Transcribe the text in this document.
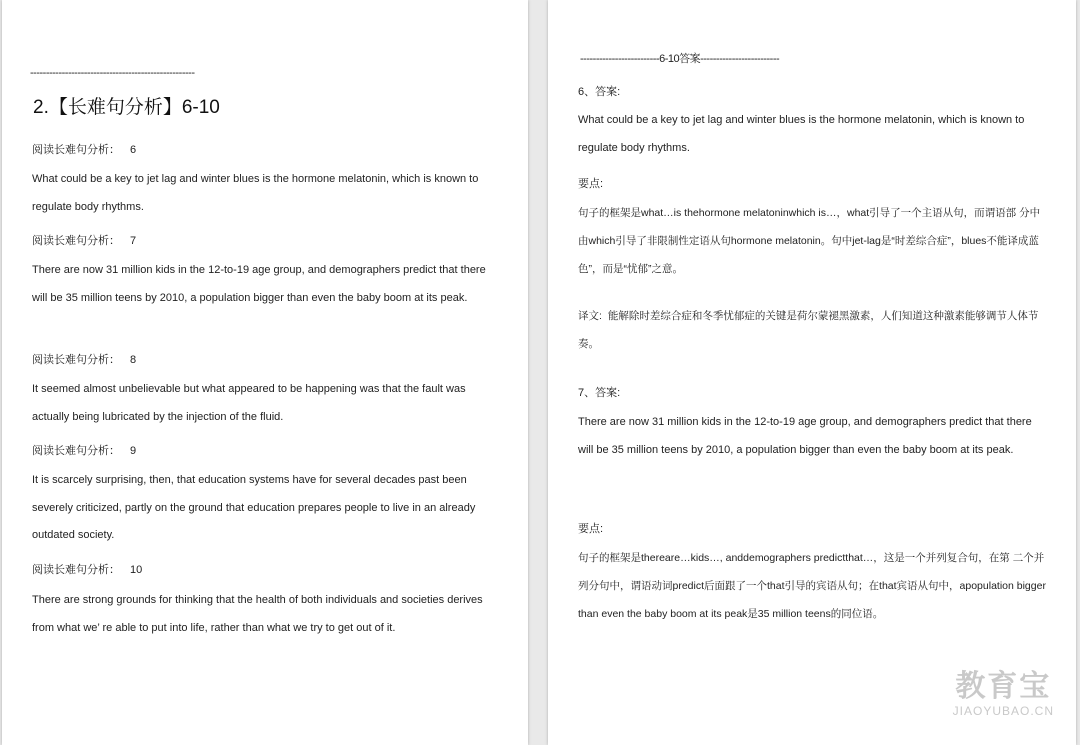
----------------------------------------------------
2.【长难句分析】6-10
阅读长难句分析： 6

What could be a key to jet lag and winter blues is the hormone melatonin, which is known to regulate body rhythms.

阅读长难句分析： 7

There are now 31 million kids in the 12-to-19 age group, and demographers predict that there will be 35 million teens by 2010, a population bigger than even the baby boom at its peak.

阅读长难句分析： 8

It seemed almost unbelievable but what appeared to be happening was that the fault was actually being lubricated by the injection of the fluid.

阅读长难句分析： 9

It is scarcely surprising, then, that education systems have for several decades past been severely criticized, partly on the ground that education prepares people to live in an already outdated society.

阅读长难句分析： 10

There are strong grounds for thinking that the health of both individuals and societies derives from what we’ re able to put into life, rather than what we try to get out of it.

-------------------------6-10答案-------------------------
6、答案:

What could be a key to jet lag and winter blues is the hormone melatonin, which is known to regulate body rhythms.

要点:

句子的框架是what…is thehormone melatoninwhich is…，what引导了一个主语从句，而谓语部 分中由which引导了非限制性定语从句hormone melatonin。句中jet-lag是“时差综合症”，blues不能译成蓝色”，而是“忧郁”之意。

译文: 能解除时差综合症和冬季忧郁症的关键是荷尔蒙褪黑激素，人们知道这种激素能够调节人体节奏。
7、答案:

There are now 31 million kids in the 12-to-19 age group, and demographers predict that there will be 35 million teens by 2010, a population bigger than even the baby boom at its peak.

要点:

句子的框架是thereare…kids…, anddemographers predictthat…，这是一个并列复合句，在第 二个并列分句中，谓语动词predict后面跟了一个that引导的宾语从句；在that宾语从句中，apopulation bigger than even the baby boom at its peak是35 million teens的同位语。

教育宝
JIAOYUBAO.CN
